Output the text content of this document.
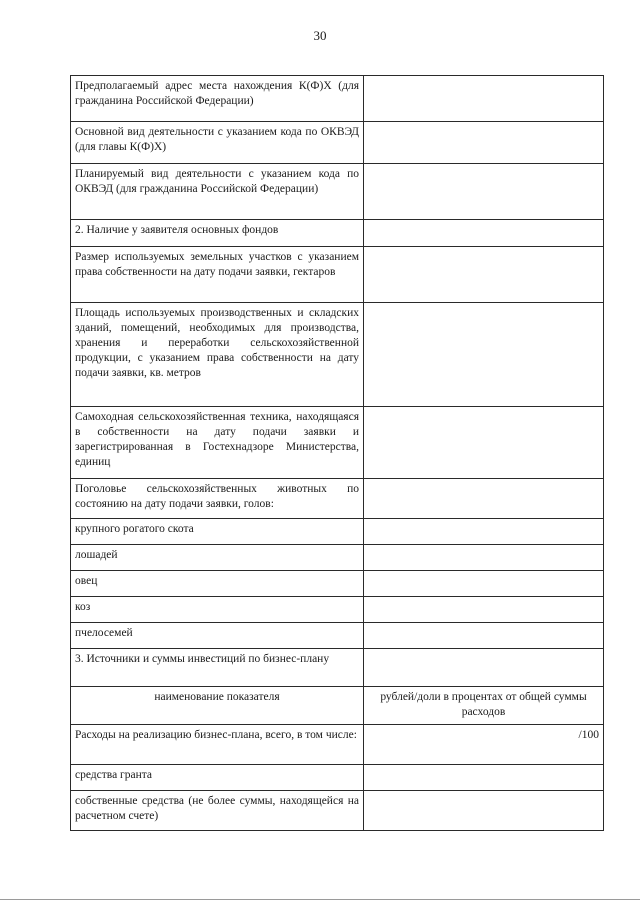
30
Предполагаемый адрес места нахождения К(Ф)Х (для гражданина Российской Федерации)	
Основной вид деятельности с указанием кода по ОКВЭД (для главы К(Ф)Х)	
Планируемый вид деятельности с указанием кода по ОКВЭД (для гражданина Российской Федерации)	
2. Наличие у заявителя основных фондов	
Размер используемых земельных участков с указанием права собственности на дату подачи заявки, гектаров	
Площадь используемых производственных и складских зданий, помещений, необходимых для производства, хранения и переработки сельскохозяйственной продукции, с указанием права собственности на дату подачи заявки, кв. метров	
Самоходная сельскохозяйственная техника, находящаяся в собственности на дату подачи заявки и зарегистрированная в Гостехнадзоре Министерства, единиц	
Поголовье сельскохозяйственных животных по состоянию на дату подачи заявки, голов:	
крупного рогатого скота	
лошадей	
овец	
коз	
пчелосемей	
3. Источники и суммы инвестиций по бизнес-плану	
наименование показателя	рублей/доли в процентах от общей суммы расходов
Расходы на реализацию бизнес-плана, всего, в том числе:	/100
средства гранта	
собственные средства (не более суммы, находящейся на расчетном счете)	
